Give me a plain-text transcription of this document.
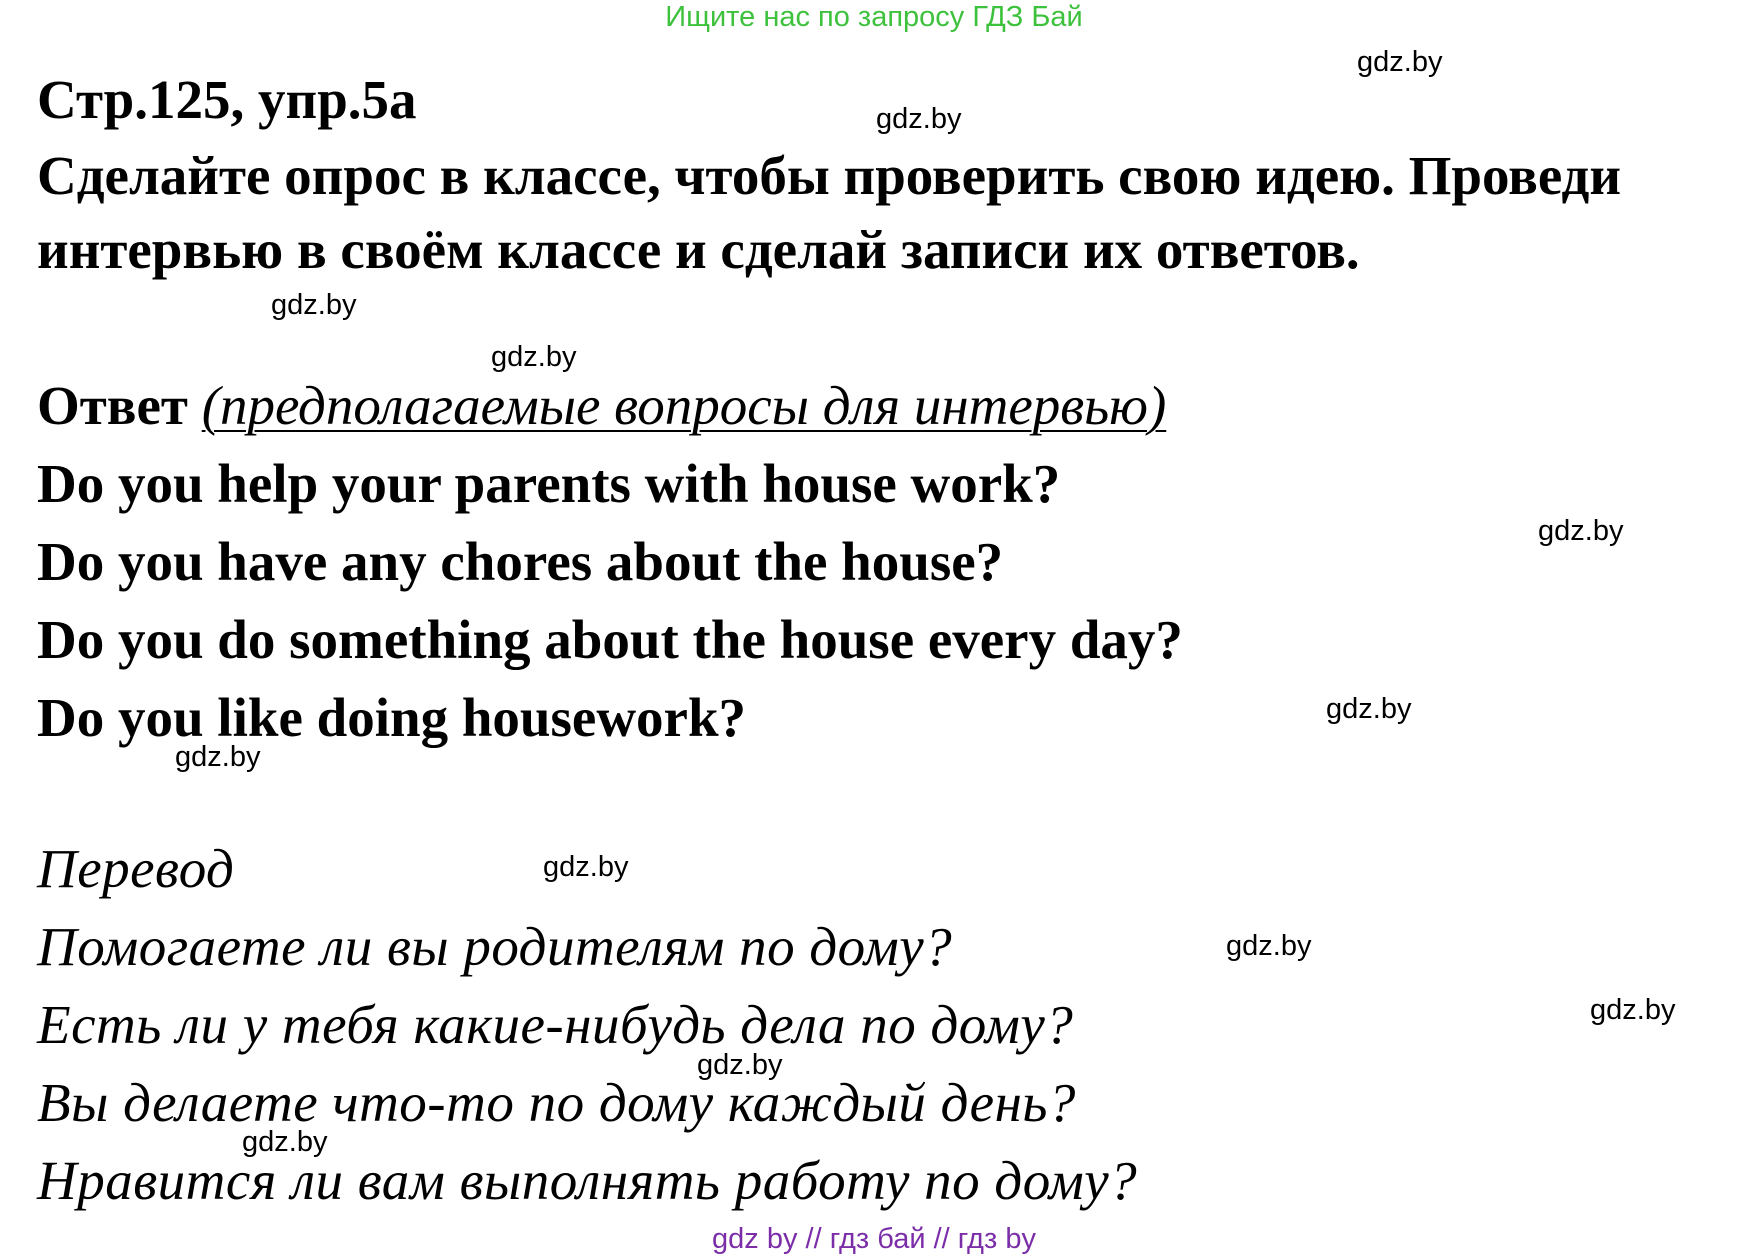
Ищите нас по запросу ГДЗ Бай
Стр.125, упр.5а
Сделайте опрос в классе, чтобы проверить свою идею. Проведи
интервью в своём классе и сделай записи их ответов.
Ответ (предполагаемые вопросы для интервью)
Do you help your parents with house work?
Do you have any chores about the house?
Do you do something about the house every day?
Do you like doing housework?
Перевод
Помогаете ли вы родителям по дому?
Есть ли у тебя какие-нибудь дела по дому?
Вы делаете что-то по дому каждый день?
Нравится ли вам выполнять работу по дому?
gdz.by
gdz.by
gdz.by
gdz.by
gdz.by
gdz.by
gdz.by
gdz.by
gdz.by
gdz.by
gdz.by
gdz.by
gdz by // гдз бай // гдз by
